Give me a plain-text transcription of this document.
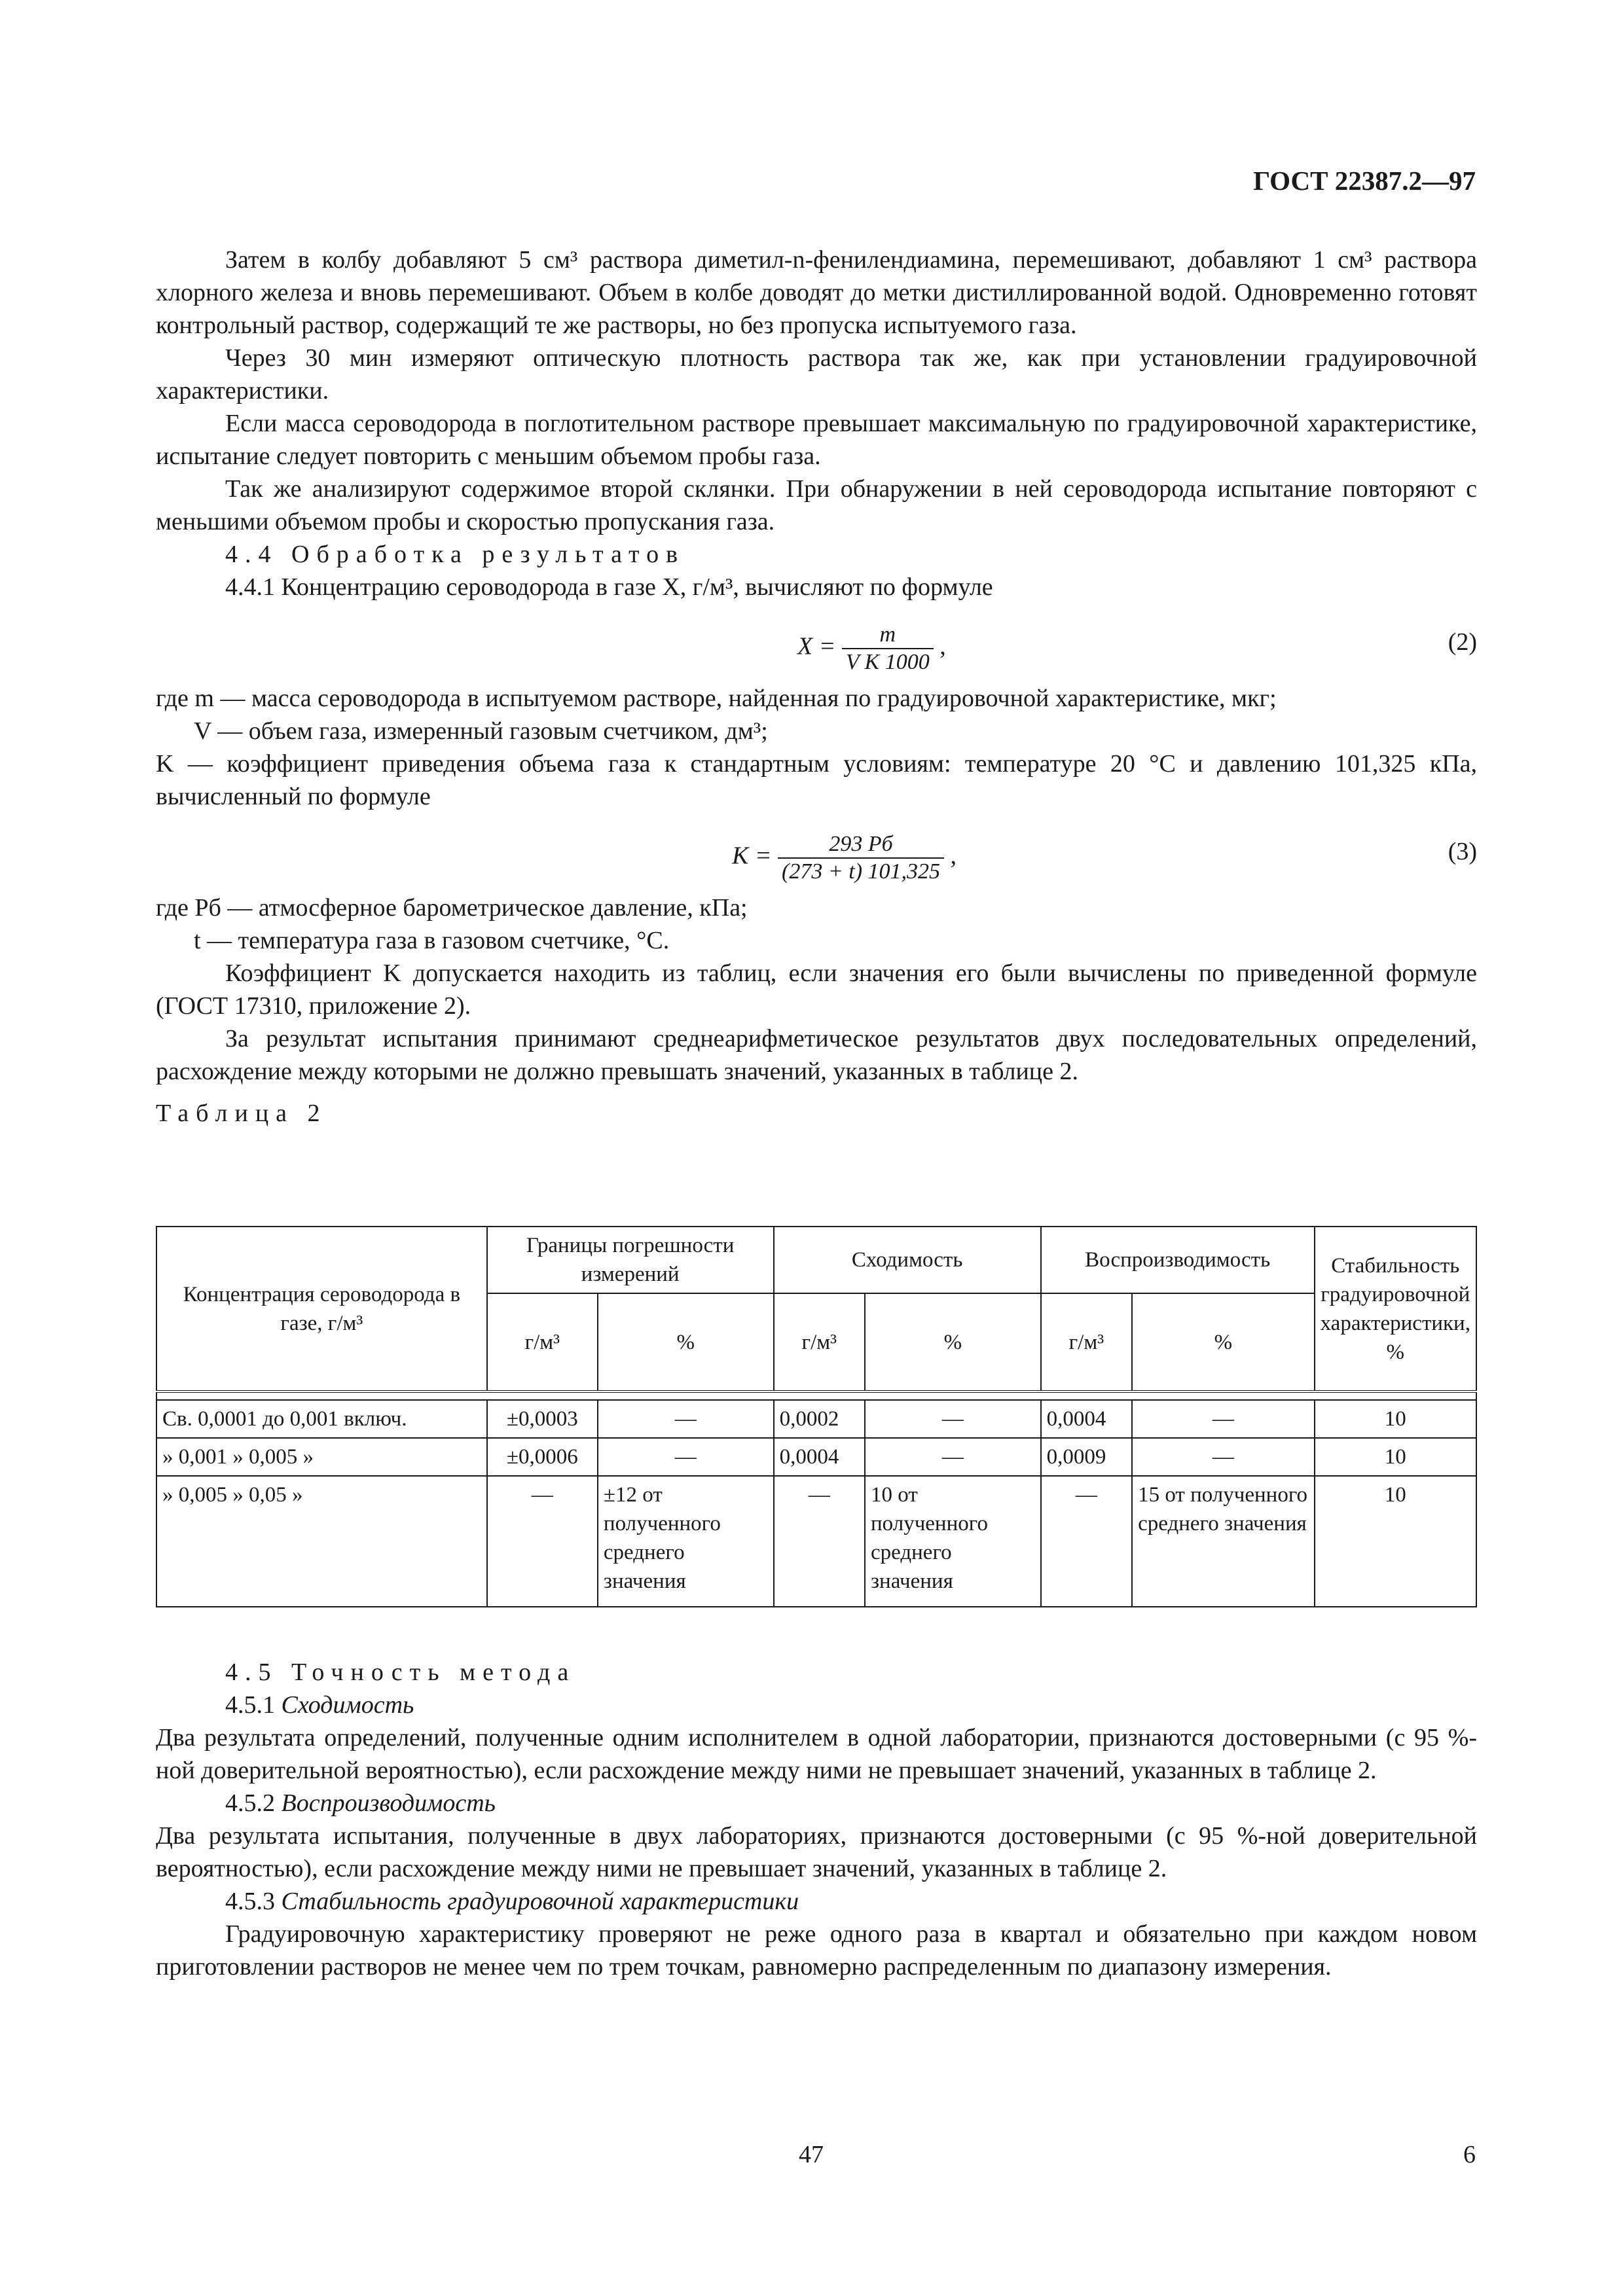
ГОСТ 22387.2—97

Затем в колбу добавляют 5 см³ раствора диметил-n-фенилендиамина, перемешивают, добавляют 1 см³ раствора хлорного железа и вновь перемешивают. Объем в колбе доводят до метки дистиллированной водой. Одновременно готовят контрольный раствор, содержащий те же растворы, но без пропуска испытуемого газа.

Через 30 мин измеряют оптическую плотность раствора так же, как при установлении градуировочной характеристики.

Если масса сероводорода в поглотительном растворе превышает максимальную по градуировочной характеристике, испытание следует повторить с меньшим объемом пробы газа.

Так же анализируют содержимое второй склянки. При обнаружении в ней сероводорода испытание повторяют с меньшими объемом пробы и скоростью пропускания газа.

4.4 Обработка результатов

4.4.1 Концентрацию сероводорода в газе X, г/м³, вычисляют по формуле

$X = \frac{m}{\text{V K 1000}}$ ,	(2)

где m — масса сероводорода в испытуемом растворе, найденная по градуировочной характеристике, мкг;

V — объем газа, измеренный газовым счетчиком, дм³;

K — коэффициент приведения объема газа к стандартным условиям: температуре 20 °С и давлению 101,325 кПа, вычисленный по формуле

$K = \frac{293 Pб}{(273 + t) 101,325}$ ,	(3)

где Pб — атмосферное барометрическое давление, кПа;

t — температура газа в газовом счетчике, °С.

Коэффициент K допускается находить из таблиц, если значения его были вычислены по приведенной формуле (ГОСТ 17310, приложение 2).

За результат испытания принимают среднеарифметическое результатов двух последовательных определений, расхождение между которыми не должно превышать значений, указанных в таблице 2.

Таблица 2

Концентрация сероводорода в газе, г/м³	Границы погрешности измерений		Сходимость		Воспроизводимость		Стабильность градуировочной характеристики, %
	г/м³	%	г/м³	%	г/м³	%	

Св. 0,0001 до 0,001 включ.	±0,0003	—	0,0002	—	0,0004	—	10
» 0,001 » 0,005 »	±0,0006	—	0,0004	—	0,0009	—	10
» 0,005 » 0,05 »	—	±12 от полученного среднего значения	—	10 от полученного среднего значения	—	15 от полученного среднего значения	10

4.5 Точность метода

4.5.1 Сходимость

Два результата определений, полученные одним исполнителем в одной лаборатории, признаются достоверными (с 95 %-ной доверительной вероятностью), если расхождение между ними не превышает значений, указанных в таблице 2.

4.5.2 Воспроизводимость

Два результата испытания, полученные в двух лабораториях, признаются достоверными (с 95 %-ной доверительной вероятностью), если расхождение между ними не превышает значений, указанных в таблице 2.

4.5.3 Стабильность градуировочной характеристики

Градуировочную характеристику проверяют не реже одного раза в квартал и обязательно при каждом новом приготовлении растворов не менее чем по трем точкам, равномерно распределенным по диапазону измерения.

47	6
